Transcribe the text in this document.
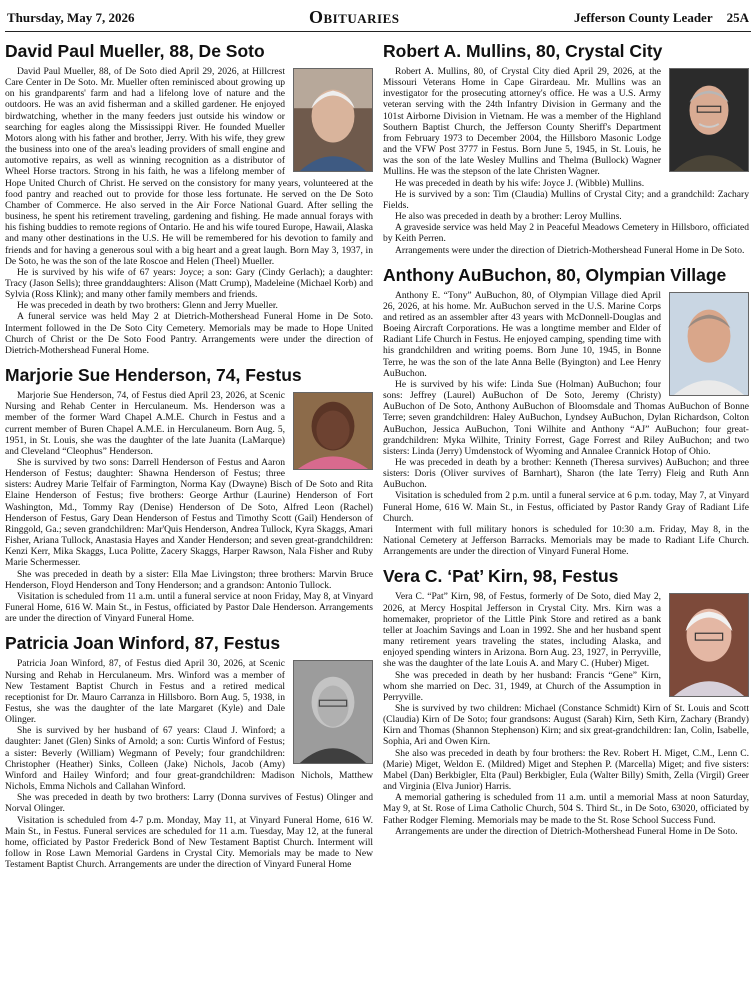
Thursday, May 7, 2026	Obituaries	Jefferson County Leader 25A
David Paul Mueller, 88, De Soto

David Paul Mueller, 88, of De Soto died April 29, 2026, at Hillcrest Care Center in De Soto. Mr. Mueller often reminisced about growing up on his grandparents' farm and had a lifelong love of nature and the outdoors. He was an avid fisherman and a skilled gardener. He enjoyed birdwatching, whether in the many feeders just outside his window or searching for eagles along the Mississippi River. He founded Mueller Motors along with his father and brother, Jerry. With his wife, they grew the business into one of the area's leading providers of small engine and automotive repairs, as well as winning recognition as a distributor of Wheel Horse tractors. Strong in his faith, he was a lifelong member of Hope United Church of Christ. He served on the consistory for many years, volunteered at the food pantry and reached out to provide for those less fortunate. He served on the De Soto Chamber of Commerce. He also served in the Air Force National Guard. After selling the business, he spent his retirement traveling, gardening and fishing. He made annual forays with his fishing buddies to remote regions of Ontario. He and his wife toured Europe, Hawaii, Alaska and many other destinations in the U.S. He will be remembered for his devotion to family and friends and for having a generous soul with a big heart and a great laugh. Born May 3, 1937, in De Soto, he was the son of the late Roscoe and Helen (Theel) Mueller.

He is survived by his wife of 67 years: Joyce; a son: Gary (Cindy Gerlach); a daughter: Tracy (Jason Sells); three granddaughters: Alison (Matt Crump), Madeleine (Michael Korb) and Sylvia (Ross Klink); and many other family members and friends.

He was preceded in death by two brothers: Glenn and Jerry Mueller.

A funeral service was held May 2 at Dietrich-Mothershead Funeral Home in De Soto. Interment followed in the De Soto City Cemetery. Memorials may be made to Hope United Church of Christ or the De Soto Food Pantry. Arrangements were under the direction of Dietrich-Mothershead Funeral Home.

Marjorie Sue Henderson, 74, Festus

Marjorie Sue Henderson, 74, of Festus died April 23, 2026, at Scenic Nursing and Rehab Center in Herculaneum. Ms. Henderson was a member of the former Ward Chapel A.M.E. Church in Festus and a current member of Buren Chapel A.M.E. in Herculaneum. Born Aug. 5, 1951, in St. Louis, she was the daughter of the late Juanita (LaMarque) and Cleveland “Cleophus” Henderson.

She is survived by two sons: Darrell Henderson of Festus and Aaron Henderson of Festus; daughter: Shawna Henderson of Festus; three sisters: Audrey Marie Telfair of Farmington, Norma Kay (Dwayne) Bisch of De Soto and Rita Elaine Henderson of Festus; five brothers: George Arthur (Laurine) Henderson of Fort Washington, Md., Tommy Ray (Denise) Henderson of De Soto, Alfred Leon (Rachel) Henderson of Festus, Gary Dean Henderson of Festus and Timothy Scott (Gail) Henderson of Ringgold, Ga.; seven grandchildren: Mar'Quis Henderson, Andrea Tullock, Kyra Skaggs, Amari Fisher, Ariana Tullock, Anastasia Hayes and Xander Henderson; and seven great-grandchildren: Kenzi Kerr, Mika Skaggs, Luca Politte, Zacery Skaggs, Harper Rawson, Nala Fisher and Ruby Marie Schermesser.

She was preceded in death by a sister: Ella Mae Livingston; three brothers: Marvin Bruce Henderson, Floyd Henderson and Tony Henderson; and a grandson: Antonio Tullock.

Visitation is scheduled from 11 a.m. until a funeral service at noon Friday, May 8, at Vinyard Funeral Home, 616 W. Main St., in Festus, officiated by Pastor Dale Henderson. Arrangements are under the direction of Vinyard Funeral Home.

Patricia Joan Winford, 87, Festus

Patricia Joan Winford, 87, of Festus died April 30, 2026, at Scenic Nursing and Rehab in Herculaneum. Mrs. Winford was a member of New Testament Baptist Church in Festus and a retired medical receptionist for Dr. Mauro Carranza in Hillsboro. Born Aug. 5, 1938, in Festus, she was the daughter of the late Margaret (Kyle) and Dale Olinger.

She is survived by her husband of 67 years: Claud J. Winford; a daughter: Janet (Glen) Sinks of Arnold; a son: Curtis Winford of Festus; a sister: Beverly (William) Wegmann of Pevely; four grandchildren: Christopher (Heather) Sinks, Colleen (Jake) Nichols, Jacob (Amy) Winford and Hailey Winford; and four great-grandchildren: Madison Nichols, Matthew Nichols, Emma Nichols and Callahan Winford.

She was preceded in death by two brothers: Larry (Donna survives of Festus) Olinger and Norval Olinger.

Visitation is scheduled from 4-7 p.m. Monday, May 11, at Vinyard Funeral Home, 616 W. Main St., in Festus. Funeral services are scheduled for 11 a.m. Tuesday, May 12, at the funeral home, officiated by Pastor Frederick Bond of New Testament Baptist Church. Interment will follow in Rose Lawn Memorial Gardens in Crystal City. Memorials may be made to New Testament Baptist Church. Arrangements are under the direction of Vinyard Funeral Home

Robert A. Mullins, 80, Crystal City

Robert A. Mullins, 80, of Crystal City died April 29, 2026, at the Missouri Veterans Home in Cape Girardeau. Mr. Mullins was an investigator for the prosecuting attorney's office. He was a U.S. Army veteran serving with the 24th Infantry Division in Germany and the 101st Airborne Division in Vietnam. He was a member of the Highland Southern Baptist Church, the Jefferson County Sheriff's Department from February 1973 to December 2004, the Hillsboro Masonic Lodge and the VFW Post 3777 in Festus. Born June 5, 1945, in St. Louis, he was the son of the late Wesley Mullins and Thelma (Bullock) Wagner Mullins. He was the stepson of the late Christen Wagner.

He was preceded in death by his wife: Joyce J. (Wibble) Mullins.

He is survived by a son: Tim (Claudia) Mullins of Crystal City; and a grandchild: Zachary Fields.

He also was preceded in death by a brother: Leroy Mullins.

A graveside service was held May 2 in Peaceful Meadows Cemetery in Hillsboro, officiated by Keith Perren.

Arrangements were under the direction of Dietrich-Mothershead Funeral Home in De Soto.

Anthony AuBuchon, 80, Olympian Village

Anthony E. “Tony” AuBuchon, 80, of Olympian Village died April 26, 2026, at his home. Mr. AuBuchon served in the U.S. Marine Corps and retired as an assembler after 43 years with McDonnell-Douglas and Boeing Aircraft Corporations. He was a longtime member and Elder of Radiant Life Church in Festus. He enjoyed camping, spending time with his grandchildren and writing poems. Born June 10, 1945, in Bonne Terre, he was the son of the late Anna Belle (Byington) and Lee Henry AuBuchon.

He is survived by his wife: Linda Sue (Holman) AuBuchon; four sons: Jeffrey (Laurel) AuBuchon of De Soto, Jeremy (Christy) AuBuchon of De Soto, Anthony AuBuchon of Bloomsdale and Thomas AuBuchon of Bonne Terre; seven grandchildren: Haley AuBuchon, Lyndsey AuBuchon, Dylan Richardson, Colton AuBuchon, Jessica AuBuchon, Toni Wilhite and Anthony “AJ” AuBuchon; four great-grandchildren: Myka Wilhite, Trinity Forrest, Gage Forrest and Riley AuBuchon; and two sisters: Linda (Jerry) Umdenstock of Wyoming and Annalee Crannick Hotop of Ohio.

He was preceded in death by a brother: Kenneth (Theresa survives) AuBuchon; and three sisters: Doris (Oliver survives of Barnhart), Sharon (the late Terry) Fleig and Ruth Ann AuBuchon.

Visitation is scheduled from 2 p.m. until a funeral service at 6 p.m. today, May 7, at Vinyard Funeral Home, 616 W. Main St., in Festus, officiated by Pastor Randy Gray of Radiant Life Church.

Interment with full military honors is scheduled for 10:30 a.m. Friday, May 8, in the National Cemetery at Jefferson Barracks. Memorials may be made to Radiant Life Church. Arrangements are under the direction of Vinyard Funeral Home.

Vera C. ‘Pat’ Kirn, 98, Festus

Vera C. “Pat” Kirn, 98, of Festus, formerly of De Soto, died May 2, 2026, at Mercy Hospital Jefferson in Crystal City. Mrs. Kirn was a homemaker, proprietor of the Little Pink Store and retired as a bank teller at Joachim Savings and Loan in 1992. She and her husband spent many retirement years traveling the states, including Alaska, and enjoyed spending winters in Arizona. Born Aug. 23, 1927, in Perryville, she was the daughter of the late Louis A. and Mary C. (Huber) Miget.

She was preceded in death by her husband: Francis “Gene” Kirn, whom she married on Dec. 31, 1949, at Church of the Assumption in Perryville.

She is survived by two children: Michael (Constance Schmidt) Kirn of St. Louis and Scott (Claudia) Kirn of De Soto; four grandsons: August (Sarah) Kirn, Seth Kirn, Zachary (Brandy) Kirn and Thomas (Shannon Stephenson) Kirn; and six great-grandchildren: Ian, Colin, Isabelle, Sophia, Ari and Owen Kirn.

She also was preceded in death by four brothers: the Rev. Robert H. Miget, C.M., Lenn C. (Marie) Miget, Weldon E. (Mildred) Miget and Stephen P. (Marcella) Miget; and five sisters: Mabel (Dan) Berkbigler, Elta (Paul) Berkbigler, Eula (Walter Billy) Smith, Zella (Virgil) Greer and Virginia (Elva Junior) Harris.

A memorial gathering is scheduled from 11 a.m. until a memorial Mass at noon Saturday, May 9, at St. Rose of Lima Catholic Church, 504 S. Third St., in De Soto, 63020, officiated by Father Rodger Fleming. Memorials may be made to the St. Rose School Success Fund.

Arrangements are under the direction of Dietrich-Mothershead Funeral Home in De Soto.
